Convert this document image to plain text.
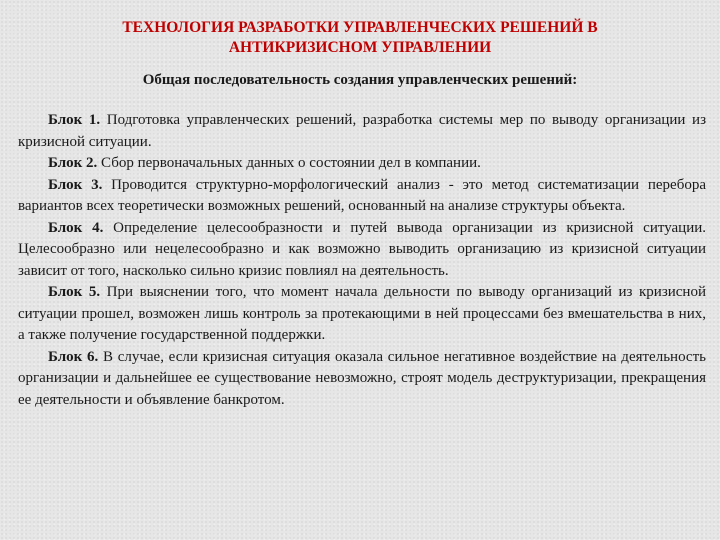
ТЕХНОЛОГИЯ РАЗРАБОТКИ УПРАВЛЕНЧЕСКИХ РЕШЕНИЙ В
АНТИКРИЗИСНОМ УПРАВЛЕНИИ
Общая последовательность создания управленческих решений:

Блок 1. Подготовка управленческих решений, разработка системы мер по выводу организации из кризисной ситуации.

Блок 2. Сбор первоначальных данных о состоянии дел в компании.

Блок 3. Проводится структурно-морфологический анализ - это метод систематизации перебора вариантов всех теоретически возможных решений, основанный на анализе структуры объекта.

Блок 4. Определение целесообразности и путей вывода организации из кризисной ситуации. Целесообразно или нецелесообразно и как возможно выводить организацию из кризисной ситуации зависит от того, насколько сильно кризис повлиял на деятельность.

Блок 5. При выяснении того, что момент начала дельности по выводу организаций из кризисной ситуации прошел, возможен лишь контроль за протекающими в ней процессами без вмешательства в них, а также получение государственной поддержки.

Блок 6. В случае, если кризисная ситуация оказала сильное негативное воздействие на деятельность организации и дальнейшее ее существование невозможно, строят модель деструктуризации, прекращения ее деятельности и объявление банкротом.
